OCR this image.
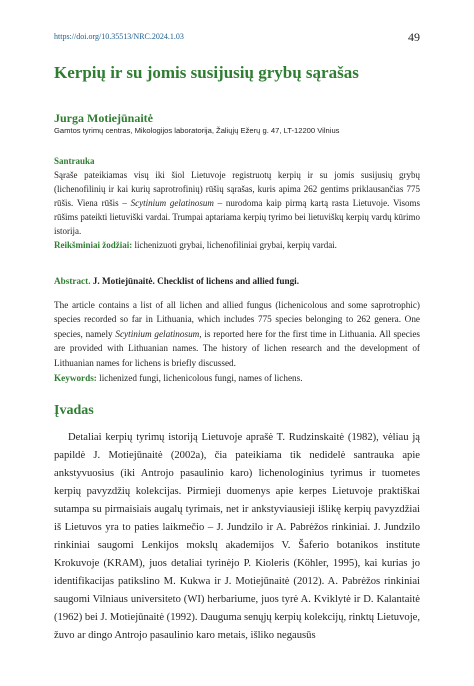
https://doi.org/10.35513/NRC.2024.1.03	49
Kerpių ir su jomis susijusių grybų sąrašas
Jurga Motiejūnaitė
Gamtos tyrimų centras, Mikologijos laboratorija, Žaliųjų Ežerų g. 47, LT-12200 Vilnius
Santrauka

Sąraše pateikiamas visų iki šiol Lietuvoje registruotų kerpių ir su jomis susijusių grybų (lichenofilinių ir kai kurių saprotrofinių) rūšių sąrašas, kuris apima 262 gentims priklausančias 775 rūšis. Viena rūšis – Scytinium gelatinosum – nurodoma kaip pirmą kartą rasta Lietuvoje. Visoms rūšims pateikti lietuviški vardai. Trumpai aptariama kerpių tyrimo bei lietuviškų kerpių vardų kūrimo istorija.

Reikšminiai žodžiai: lichenizuoti grybai, lichenofiliniai grybai, kerpių vardai.

Abstract. J. Motiejūnaitė. Checklist of lichens and allied fungi.

The article contains a list of all lichen and allied fungus (lichenicolous and some saprotrophic) species recorded so far in Lithuania, which includes 775 species belonging to 262 genera. One species, namely Scytinium gelatinosum, is reported here for the first time in Lithuania. All species are provided with Lithuanian names. The history of lichen research and the development of Lithuanian names for lichens is briefly discussed.

Keywords: lichenized fungi, lichenicolous fungi, names of lichens.

Įvadas

Detaliai kerpių tyrimų istoriją Lietuvoje aprašė T. Rudzinskaitė (1982), vėliau ją papildė J. Motiejūnaitė (2002a), čia pateikiama tik nedidelė santrauka apie ankstyvuosius (iki Antrojo pasaulinio karo) lichenologinius tyrimus ir tuometes kerpių pavyzdžių kolekcijas. Pirmieji duomenys apie kerpes Lietuvoje praktiškai sutampa su pirmaisiais augalų tyrimais, net ir ankstyviausieji išlikę kerpių pavyzdžiai iš Lietuvos yra to paties laikmečio – J. Jundzilo ir A. Pabrėžos rinkiniai. J. Jundzilo rinkiniai saugomi Lenkijos mokslų akademijos V. Šaferio botanikos institute Krokuvoje (KRAM), juos detaliai tyrinėjo P. Kioleris (Köhler, 1995), kai kurias jo identifikacijas patikslino M. Kukwa ir J. Motiejūnaitė (2012). A. Pabrėžos rinkiniai saugomi Vilniaus universiteto (WI) herbariume, juos tyrė A. Kviklytė ir D. Kalantaitė (1962) bei J. Motiejūnaitė (1992). Dauguma senųjų kerpių kolekcijų, rinktų Lietuvoje, žuvo ar dingo Antrojo pasaulinio karo metais, išliko negausūs
